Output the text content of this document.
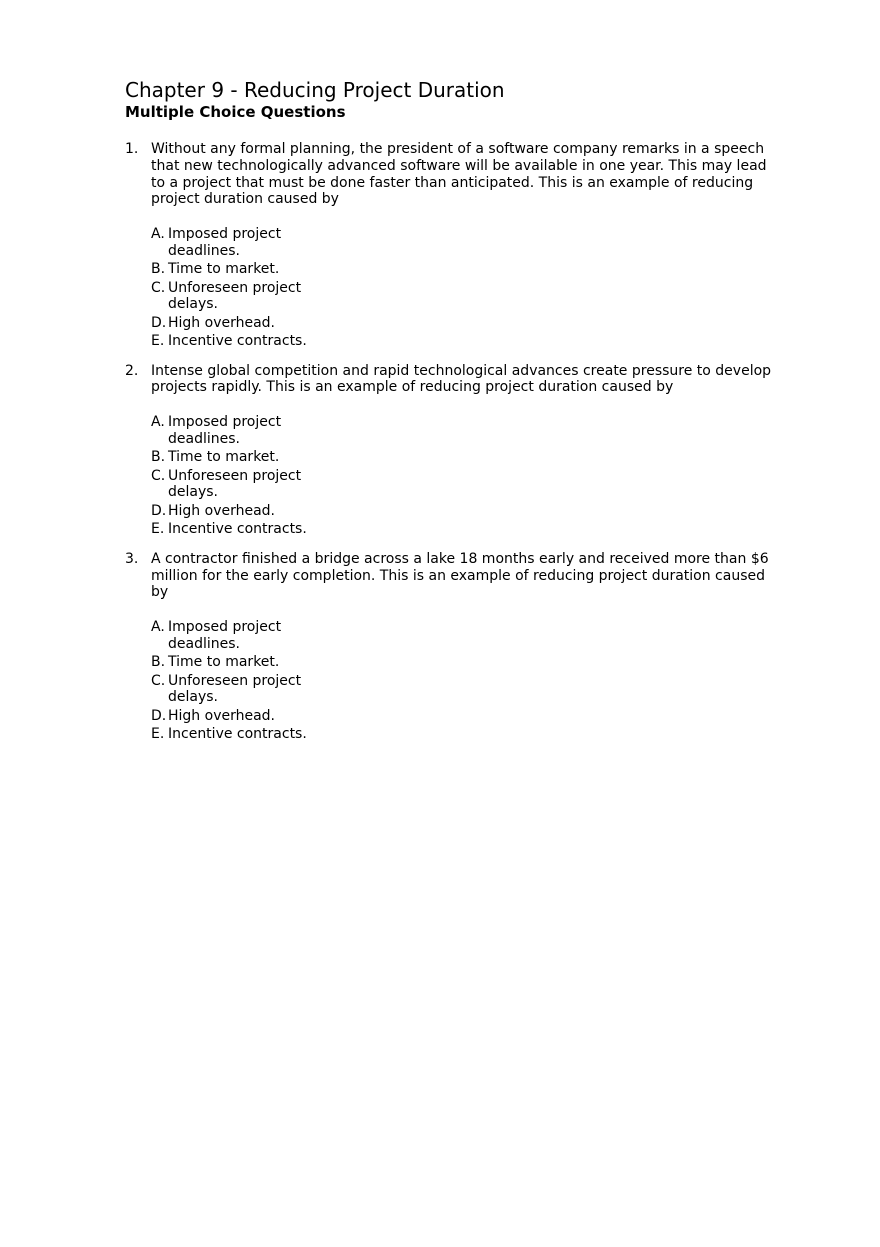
Chapter 9 - Reducing Project Duration
Multiple Choice Questions
1. Without any formal planning, the president of a software company remarks in a speech that new technologically advanced software will be available in one year. This may lead to a project that must be done faster than anticipated. This is an example of reducing project duration caused by
A. Imposed project deadlines.
B. Time to market.
C. Unforeseen project delays.
D. High overhead.
E. Incentive contracts.
2. Intense global competition and rapid technological advances create pressure to develop projects rapidly. This is an example of reducing project duration caused by
A. Imposed project deadlines.
B. Time to market.
C. Unforeseen project delays.
D. High overhead.
E. Incentive contracts.
3. A contractor finished a bridge across a lake 18 months early and received more than $6 million for the early completion. This is an example of reducing project duration caused by
A. Imposed project deadlines.
B. Time to market.
C. Unforeseen project delays.
D. High overhead.
E. Incentive contracts.
